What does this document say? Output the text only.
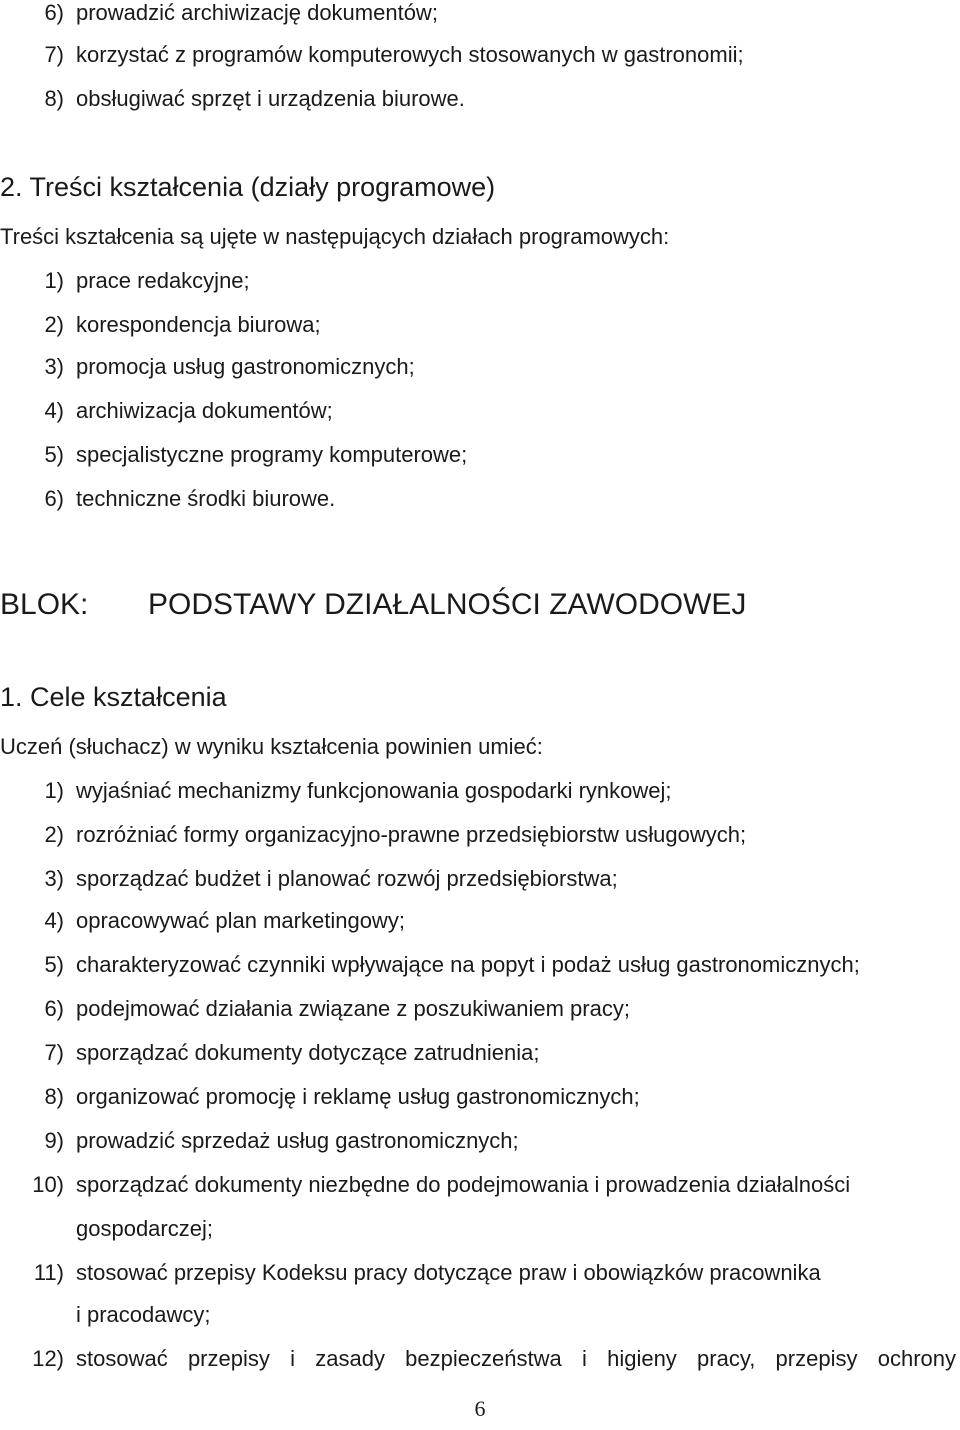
6) prowadzić archiwizację dokumentów;
7) korzystać z programów komputerowych stosowanych w gastronomii;
8) obsługiwać sprzęt i urządzenia biurowe.
2. Treści kształcenia (działy programowe)
Treści kształcenia są ujęte w następujących działach programowych:
1) prace redakcyjne;
2) korespondencja biurowa;
3) promocja usług gastronomicznych;
4) archiwizacja dokumentów;
5) specjalistyczne programy komputerowe;
6) techniczne środki biurowe.
BLOK: PODSTAWY DZIAŁALNOŚCI ZAWODOWEJ
1. Cele kształcenia
Uczeń (słuchacz) w wyniku kształcenia powinien umieć:
1) wyjaśniać mechanizmy funkcjonowania gospodarki rynkowej;
2) rozróżniać formy organizacyjno-prawne przedsiębiorstw usługowych;
3) sporządzać budżet i planować rozwój przedsiębiorstwa;
4) opracowywać plan marketingowy;
5) charakteryzować czynniki wpływające na popyt i podaż usług gastronomicznych;
6) podejmować działania związane z poszukiwaniem pracy;
7) sporządzać dokumenty dotyczące zatrudnienia;
8) organizować promocję i reklamę usług gastronomicznych;
9) prowadzić sprzedaż usług gastronomicznych;
10) sporządzać dokumenty niezbędne do podejmowania i prowadzenia działalności
gospodarczej;
11) stosować przepisy Kodeksu pracy dotyczące praw i obowiązków pracownika
i pracodawcy;
12) stosować przepisy i zasady bezpieczeństwa i higieny pracy, przepisy ochrony
6
